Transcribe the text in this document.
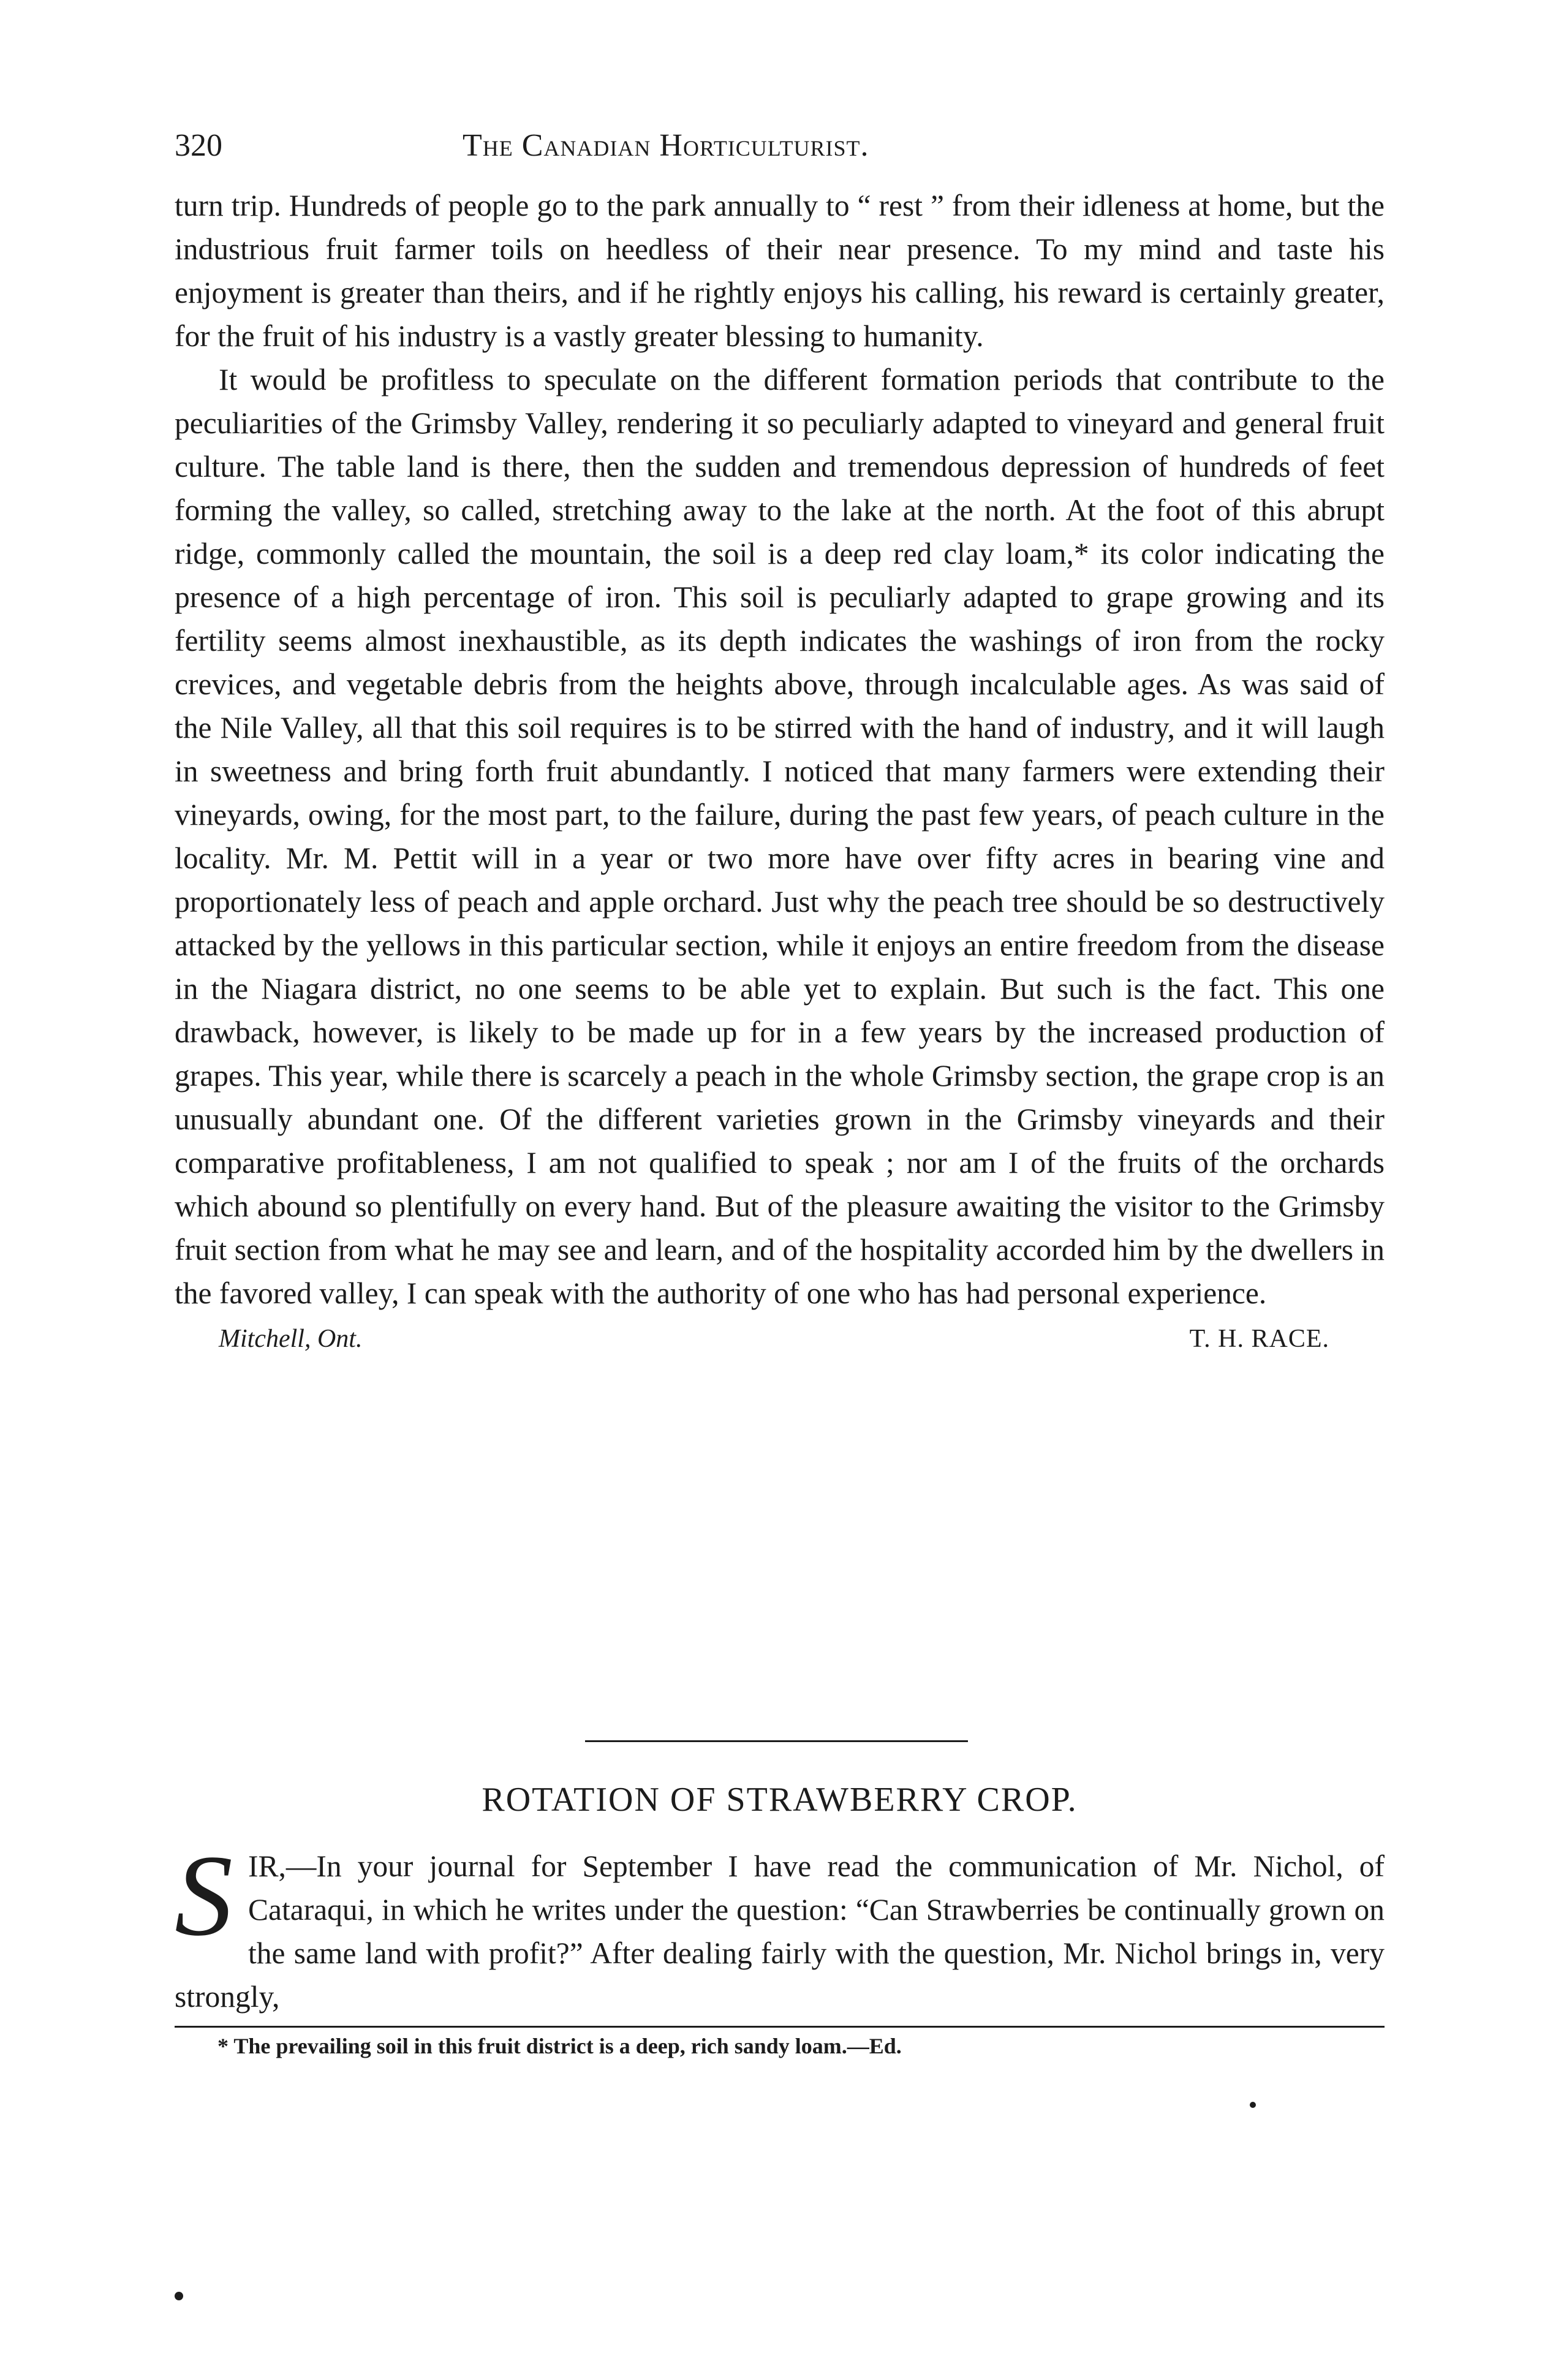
320	The Canadian Horticulturist.

turn trip. Hundreds of people go to the park annually to “ rest ” from their idleness at home, but the industrious fruit farmer toils on heedless of their near presence. To my mind and taste his enjoyment is greater than theirs, and if he rightly enjoys his calling, his reward is certainly greater, for the fruit of his industry is a vastly greater blessing to humanity.

It would be profitless to speculate on the different formation periods that contribute to the peculiarities of the Grimsby Valley, rendering it so peculiarly adapted to vineyard and general fruit culture. The table land is there, then the sudden and tremendous depression of hundreds of feet forming the valley, so called, stretching away to the lake at the north. At the foot of this abrupt ridge, commonly called the mountain, the soil is a deep red clay loam,* its color indicating the presence of a high percentage of iron. This soil is peculiarly adapted to grape growing and its fertility seems almost inexhaustible, as its depth indicates the washings of iron from the rocky crevices, and vegetable debris from the heights above, through incalculable ages. As was said of the Nile Valley, all that this soil requires is to be stirred with the hand of industry, and it will laugh in sweetness and bring forth fruit abundantly. I noticed that many farmers were extending their vineyards, owing, for the most part, to the failure, during the past few years, of peach culture in the locality. Mr. M. Pettit will in a year or two more have over fifty acres in bearing vine and proportionately less of peach and apple orchard. Just why the peach tree should be so destructively attacked by the yellows in this particular section, while it enjoys an entire freedom from the disease in the Niagara district, no one seems to be able yet to explain. But such is the fact. This one drawback, however, is likely to be made up for in a few years by the increased production of grapes. This year, while there is scarcely a peach in the whole Grimsby section, the grape crop is an unusually abundant one. Of the different varieties grown in the Grimsby vineyards and their comparative profitableness, I am not qualified to speak ; nor am I of the fruits of the orchards which abound so plentifully on every hand. But of the pleasure awaiting the visitor to the Grimsby fruit section from what he may see and learn, and of the hospitality accorded him by the dwellers in the favored valley, I can speak with the authority of one who has had personal experience.

Mitchell, Ont.	T. H. RACE.
ROTATION OF STRAWBERRY CROP.
S IR,—In your journal for September I have read the communication of Mr. Nichol, of Cataraqui, in which he writes under the question: “Can Strawberries be continually grown on the same land with profit?” After dealing fairly with the question, Mr. Nichol brings in, very strongly,
* The prevailing soil in this fruit district is a deep, rich sandy loam.—Ed.
